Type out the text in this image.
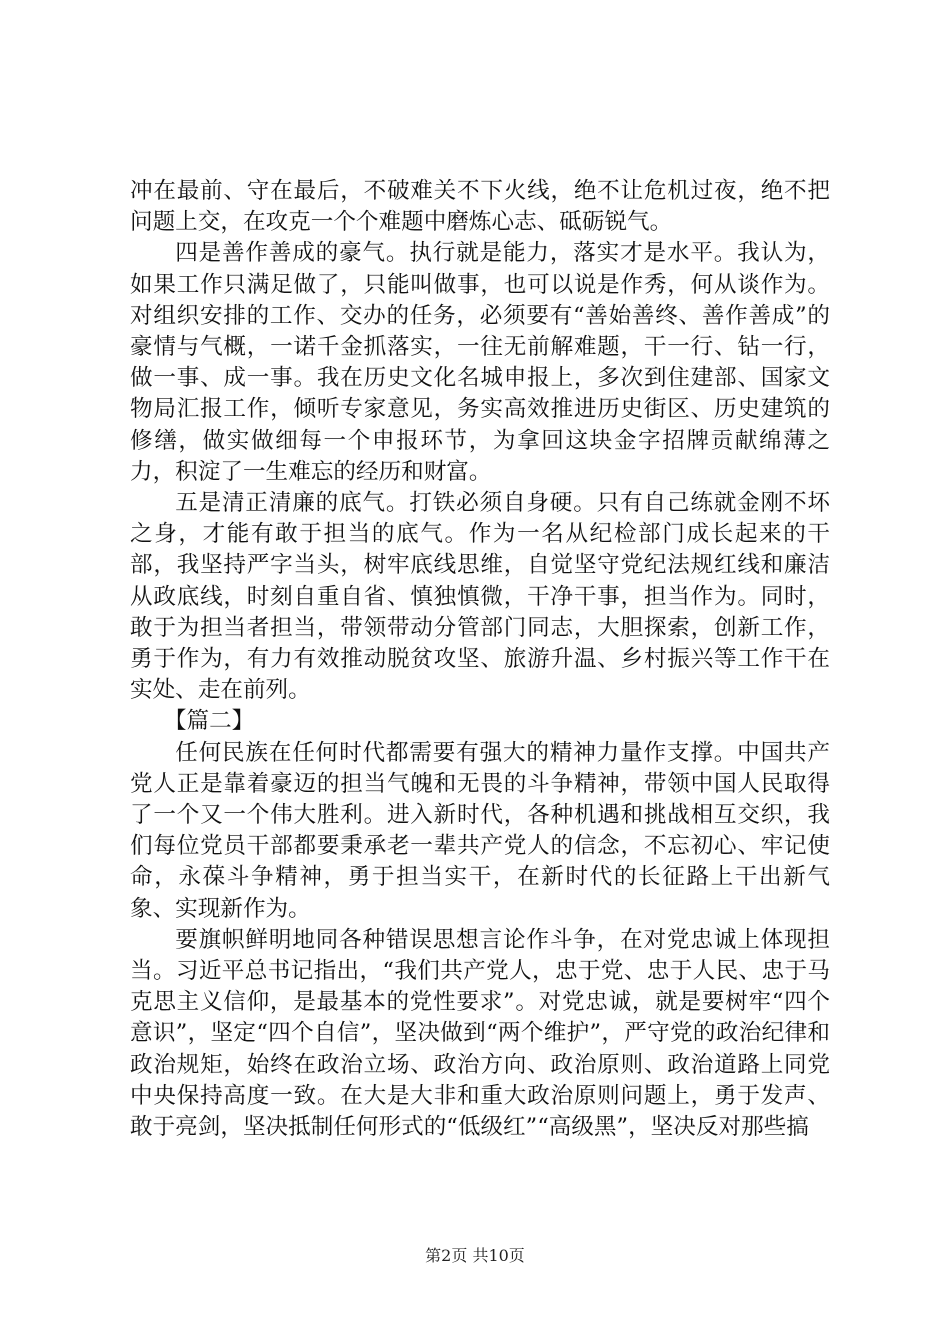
冲在最前、守在最后，不破难关不下火线，绝不让危机过夜，绝不把问题上交，在攻克一个个难题中磨炼心志、砥砺锐气。

四是善作善成的豪气。执行就是能力，落实才是水平。我认为，如果工作只满足做了，只能叫做事，也可以说是作秀，何从谈作为。对组织安排的工作、交办的任务，必须要有“善始善终、善作善成”的豪情与气概，一诺千金抓落实，一往无前解难题，干一行、钻一行，做一事、成一事。我在历史文化名城申报上，多次到住建部、国家文物局汇报工作，倾听专家意见，务实高效推进历史街区、历史建筑的修缮，做实做细每一个申报环节，为拿回这块金字招牌贡献绵薄之力，积淀了一生难忘的经历和财富。

五是清正清廉的底气。打铁必须自身硬。只有自己练就金刚不坏之身，才能有敢于担当的底气。作为一名从纪检部门成长起来的干部，我坚持严字当头，树牢底线思维，自觉坚守党纪法规红线和廉洁从政底线，时刻自重自省、慎独慎微，干净干事，担当作为。同时，敢于为担当者担当，带领带动分管部门同志，大胆探索，创新工作，勇于作为，有力有效推动脱贫攻坚、旅游升温、乡村振兴等工作干在实处、走在前列。

【篇二】

任何民族在任何时代都需要有强大的精神力量作支撑。中国共产党人正是靠着豪迈的担当气魄和无畏的斗争精神，带领中国人民取得了一个又一个伟大胜利。进入新时代，各种机遇和挑战相互交织，我们每位党员干部都要秉承老一辈共产党人的信念，不忘初心、牢记使命，永葆斗争精神，勇于担当实干，在新时代的长征路上干出新气象、实现新作为。

要旗帜鲜明地同各种错误思想言论作斗争，在对党忠诚上体现担当。习近平总书记指出，“我们共产党人，忠于党、忠于人民、忠于马克思主义信仰，是最基本的党性要求”。对党忠诚，就是要树牢“四个意识”，坚定“四个自信”，坚决做到“两个维护”，严守党的政治纪律和政治规矩，始终在政治立场、政治方向、政治原则、政治道路上同党中央保持高度一致。在大是大非和重大政治原则问题上，勇于发声、敢于亮剑，坚决抵制任何形式的“低级红”“高级黑”，坚决反对那些搞

第2页 共10页
